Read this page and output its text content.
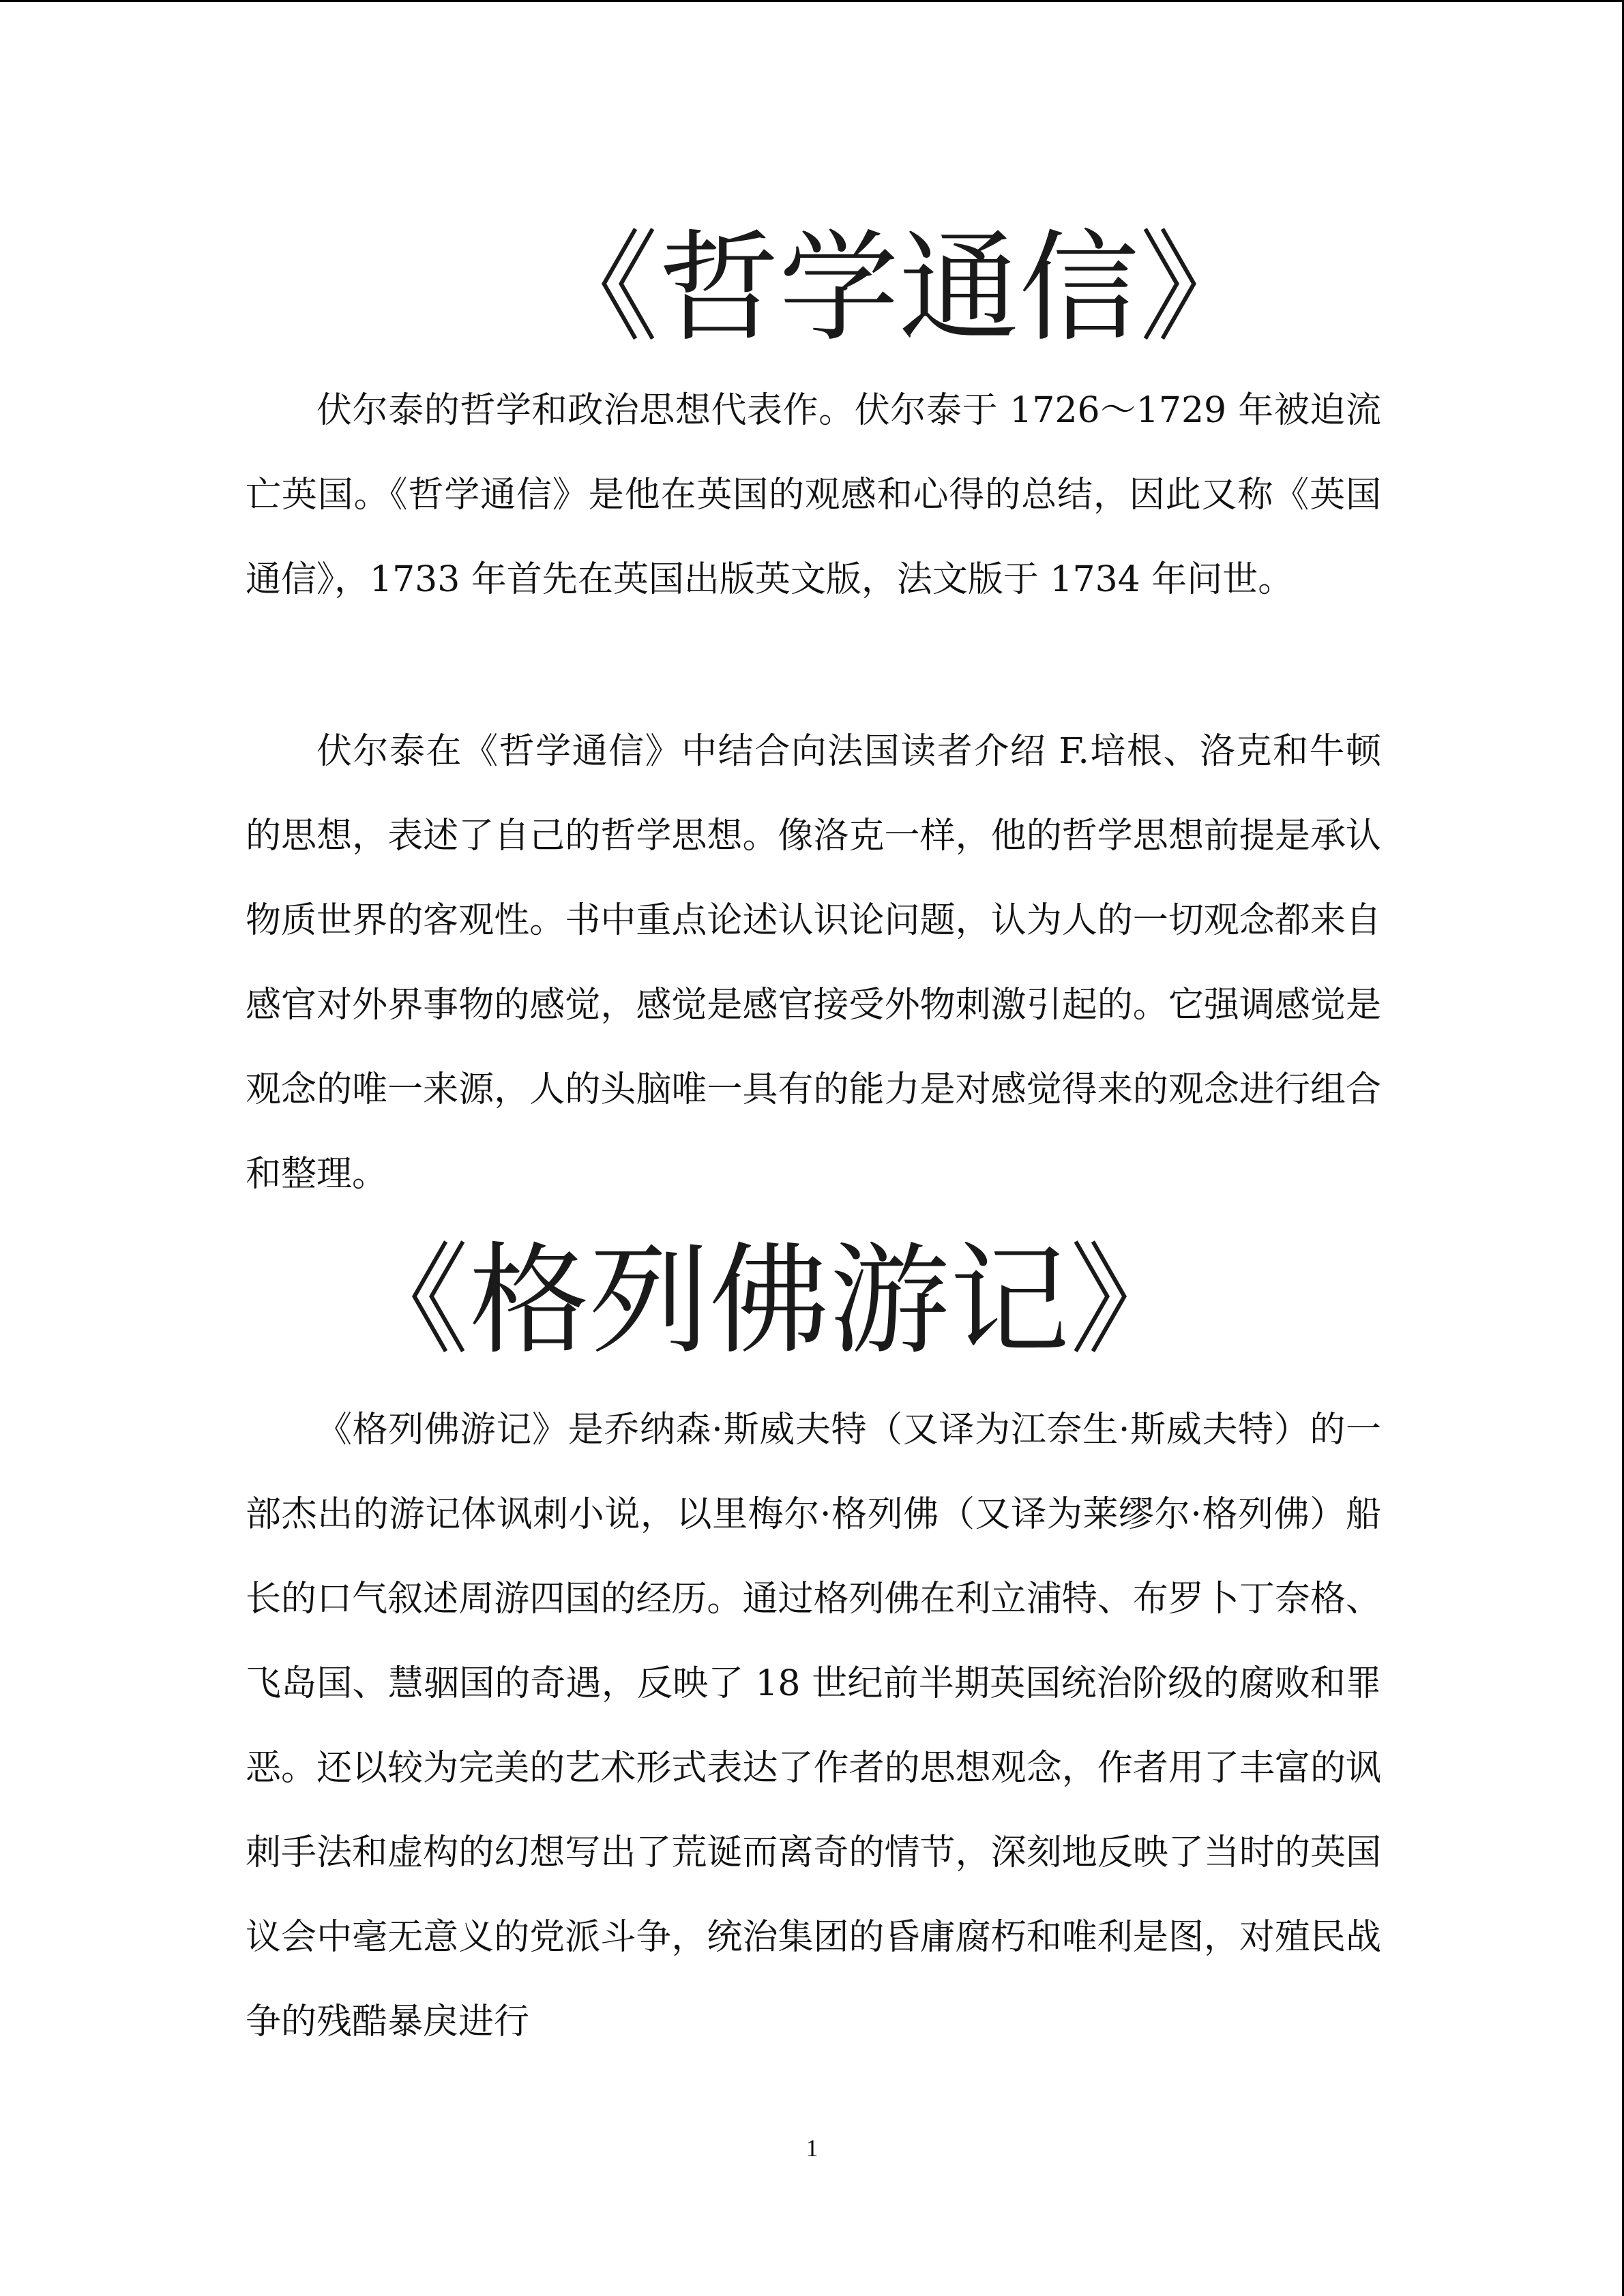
《哲学通信》

伏尔泰的哲学和政治思想代表作。伏尔泰于 1726～1729 年被迫流亡英国。《哲学通信》是他在英国的观感和心得的总结，因此又称《英国通信》，1733 年首先在英国出版英文版，法文版于 1734 年问世。

伏尔泰在《哲学通信》中结合向法国读者介绍 F.培根、洛克和牛顿的思想，表述了自己的哲学思想。像洛克一样，他的哲学思想前提是承认物质世界的客观性。书中重点论述认识论问题，认为人的一切观念都来自感官对外界事物的感觉，感觉是感官接受外物刺激引起的。它强调感觉是观念的唯一来源，人的头脑唯一具有的能力是对感觉得来的观念进行组合和整理。

《格列佛游记》

《格列佛游记》是乔纳森·斯威夫特（又译为江奈生·斯威夫特）的一部杰出的游记体讽刺小说，以里梅尔·格列佛（又译为莱缪尔·格列佛）船长的口气叙述周游四国的经历。通过格列佛在利立浦特、布罗卜丁奈格、飞岛国、慧骃国的奇遇，反映了 18 世纪前半期英国统治阶级的腐败和罪恶。还以较为完美的艺术形式表达了作者的思想观念，作者用了丰富的讽刺手法和虚构的幻想写出了荒诞而离奇的情节，深刻地反映了当时的英国议会中毫无意义的党派斗争，统治集团的昏庸腐朽和唯利是图，对殖民战争的残酷暴戾进行

1
